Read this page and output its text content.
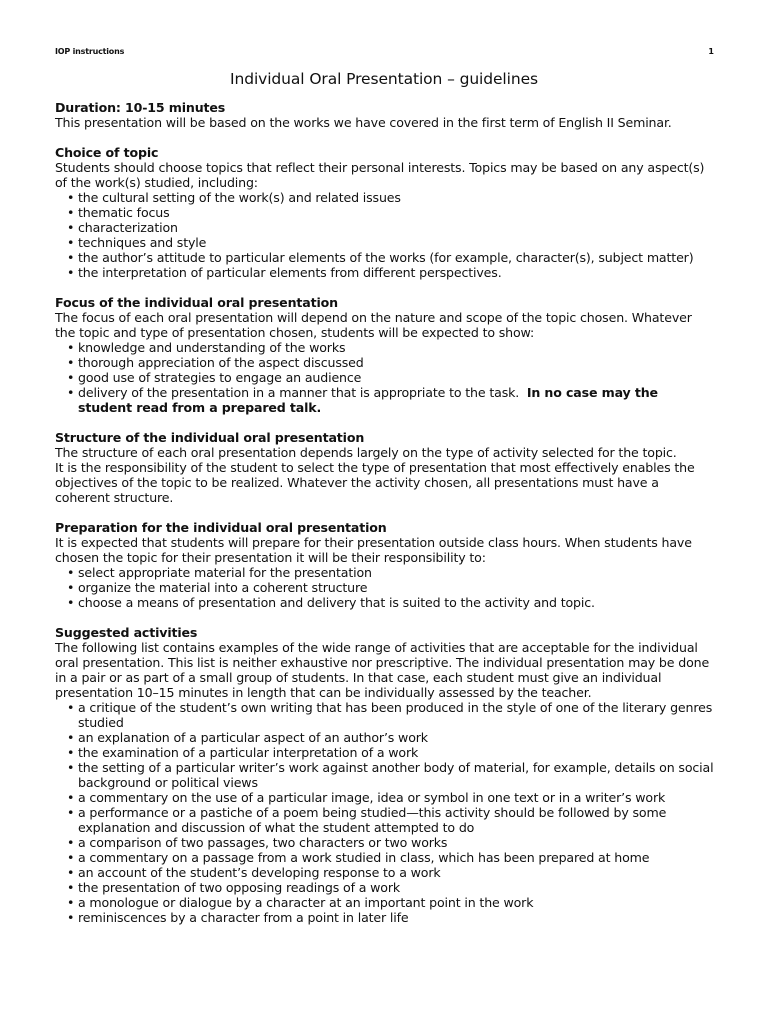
IOP instructions	1
Individual Oral Presentation – guidelines
Duration: 10-15 minutes

This presentation will be based on the works we have covered in the first term of English II Seminar.

Choice of topic

Students should choose topics that reflect their personal interests. Topics may be based on any aspect(s) of the work(s) studied, including:

• the cultural setting of the work(s) and related issues
• thematic focus
• characterization
• techniques and style
• the author’s attitude to particular elements of the works (for example, character(s), subject matter)
• the interpretation of particular elements from different perspectives.
Focus of the individual oral presentation

The focus of each oral presentation will depend on the nature and scope of the topic chosen. Whatever the topic and type of presentation chosen, students will be expected to show:

• knowledge and understanding of the works
• thorough appreciation of the aspect discussed
• good use of strategies to engage an audience
• delivery of the presentation in a manner that is appropriate to the task. In no case may the student read from a prepared talk.
Structure of the individual oral presentation

The structure of each oral presentation depends largely on the type of activity selected for the topic.

It is the responsibility of the student to select the type of presentation that most effectively enables the objectives of the topic to be realized. Whatever the activity chosen, all presentations must have a coherent structure.

Preparation for the individual oral presentation

It is expected that students will prepare for their presentation outside class hours. When students have chosen the topic for their presentation it will be their responsibility to:

• select appropriate material for the presentation
• organize the material into a coherent structure
• choose a means of presentation and delivery that is suited to the activity and topic.
Suggested activities

The following list contains examples of the wide range of activities that are acceptable for the individual oral presentation. This list is neither exhaustive nor prescriptive. The individual presentation may be done in a pair or as part of a small group of students. In that case, each student must give an individual presentation 10–15 minutes in length that can be individually assessed by the teacher.

• a critique of the student’s own writing that has been produced in the style of one of the literary genres studied
• an explanation of a particular aspect of an author’s work
• the examination of a particular interpretation of a work
• the setting of a particular writer’s work against another body of material, for example, details on social background or political views
• a commentary on the use of a particular image, idea or symbol in one text or in a writer’s work
• a performance or a pastiche of a poem being studied—this activity should be followed by some explanation and discussion of what the student attempted to do
• a comparison of two passages, two characters or two works
• a commentary on a passage from a work studied in class, which has been prepared at home
• an account of the student’s developing response to a work
• the presentation of two opposing readings of a work
• a monologue or dialogue by a character at an important point in the work
• reminiscences by a character from a point in later life
